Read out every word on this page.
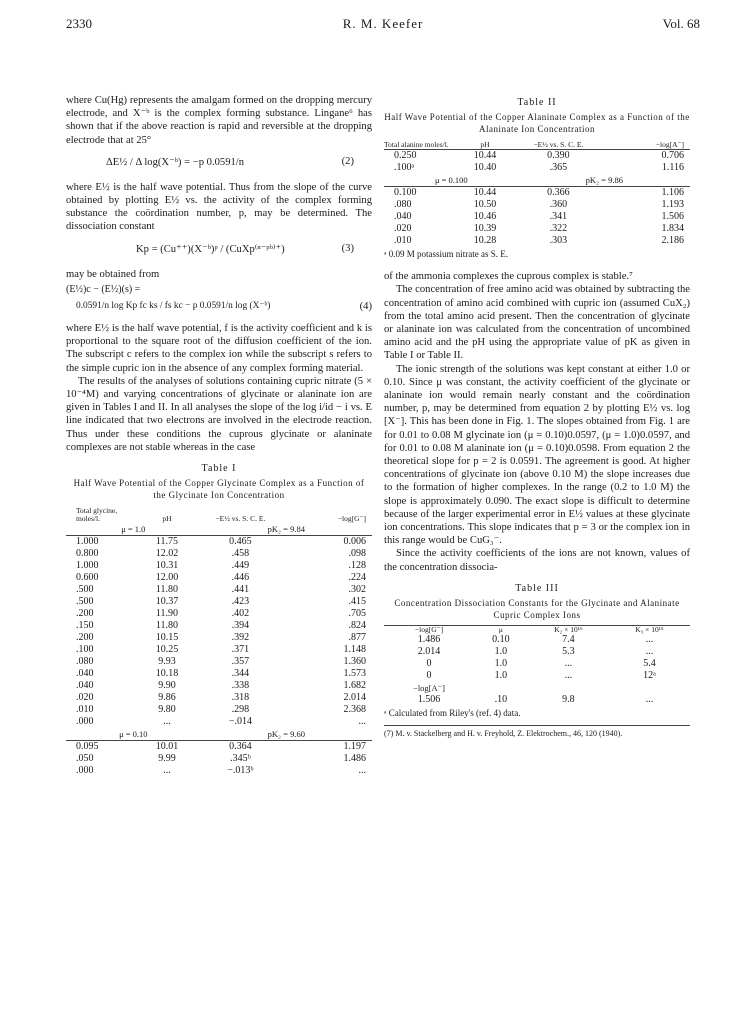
2330	R. M. Keefer	Vol. 68

where Cu(Hg) represents the amalgam formed on the dropping mercury electrode, and X⁻ᵇ is the complex forming substance. Lingane⁶ has shown that if the above reaction is rapid and reversible at the dropping electrode that at 25°

ΔE½ / Δ log(X⁻ᵇ) = −p 0.0591/n	(2)

where E½ is the half wave potential. Thus from the slope of the curve obtained by plotting E½ vs. the activity of the complex forming substance the coördination number, p, may be determined. The dissociation constant

Kp = (Cu⁺⁺)(X⁻ᵇ)ᵖ / (CuXp⁽ⁿ⁻ᵖᵇ⁾⁺)	(3)

may be obtained from

(E½)c − (E½)(s) =
0.0591/n log Kp fc ks / fs kc − p 0.0591/n log (X⁻ᵇ)	(4)

where E½ is the half wave potential, f is the activity coefficient and k is proportional to the square root of the diffusion coefficient of the ion. The subscript c refers to the complex ion while the subscript s refers to the simple cupric ion in the absence of any complex forming material.

The results of the analyses of solutions containing cupric nitrate (5 × 10⁻⁴M) and varying concentrations of glycinate or alaninate ion are given in Tables I and II. In all analyses the slope of the log i/id − i vs. E line indicated that two electrons are involved in the electrode reaction. Thus under these conditions the cuprous glycinate or alaninate complexes are not stable whereas in the case

Table I
Half Wave Potential of the Copper Glycinate Complex as a Function of the Glycinate Ion Concentration
Total glycine, moles/l.	pH	−E½ vs. S. C. E.	−log[G⁻]
μ = 1.0		pK₂ = 9.84	
1.000	11.75	0.465	0.006
0.800	12.02	.458	.098
1.000	10.31	.449	.128
0.600	12.00	.446	.224
.500	11.80	.441	.302
.500	10.37	.423	.415
.200	11.90	.402	.705
.150	11.80	.394	.824
.200	10.15	.392	.877
.100	10.25	.371	1.148
.080	9.93	.357	1.360
.040	10.18	.344	1.573
.040	9.90	.338	1.682
.020	9.86	.318	2.014
.010	9.80	.298	2.368
.000	...	−.014	...
μ = 0.10		pK₂ = 9.60	
0.095	10.01	0.364	1.197
.050	9.99	.345ᵇ	1.486
.000	...	−.013ᵇ	...
Table II
Half Wave Potential of the Copper Alaninate Complex as a Function of the Alaninate Ion Concentration
Total alanine moles/l.	pH	−E½ vs. S. C. E.	−log[A⁻]
0.250	10.44	0.390	0.706
.100ᵃ	10.40	.365	1.116
μ = 0.100		pK₂ = 9.86	
0.100	10.44	0.366	1.106
.080	10.50	.360	1.193
.040	10.46	.341	1.506
.020	10.39	.322	1.834
.010	10.28	.303	2.186
ᵃ 0.09 M potassium nitrate as S. E.

of the ammonia complexes the cuprous complex is stable.⁷

The concentration of free amino acid was obtained by subtracting the concentration of amino acid combined with cupric ion (assumed CuX₂) from the total amino acid present. Then the concentration of glycinate or alaninate ion was calculated from the concentration of uncombined amino acid and the pH using the appropriate value of pK as given in Table I or Table II.

The ionic strength of the solutions was kept constant at either 1.0 or 0.10. Since μ was constant, the activity coefficient of the glycinate or alaninate ion would remain nearly constant and the coördination number, p, may be determined from equation 2 by plotting E½ vs. log [X⁻]. This has been done in Fig. 1. The slopes obtained from Fig. 1 are for 0.01 to 0.08 M glycinate ion (μ = 0.10)0.0597, (μ = 1.0)0.0597, and for 0.01 to 0.08 M alaninate ion (μ = 0.10)0.0598. From equation 2 the theoretical slope for p = 2 is 0.0591. The agreement is good. At higher concentrations of glycinate ion (above 0.10 M) the slope increases due to the formation of higher complexes. In the range (0.2 to 1.0 M) the slope is approximately 0.090. The exact slope is difficult to determine because of the larger experimental error in E½ values at these glycinate ion concentrations. This slope indicates that p = 3 or the complex ion in this range would be CuG₃⁻.

Since the activity coefficients of the ions are not known, values of the concentration dissocia-

Table III
Concentration Dissociation Constants for the Glycinate and Alaninate Cupric Complex Ions
−log[G⁻]	μ	K₂ × 10¹⁶	K₃ × 10¹⁵
1.486	0.10	7.4	...
2.014	1.0	5.3	...
0	1.0	...	5.4
0	1.0	...	12ᵃ
−log[A⁻]			
1.506	.10	9.8	...
ᵃ Calculated from Riley's (ref. 4) data.
(7) M. v. Stackelberg and H. v. Freyhold, Z. Elektrochem., 46, 120 (1940).
